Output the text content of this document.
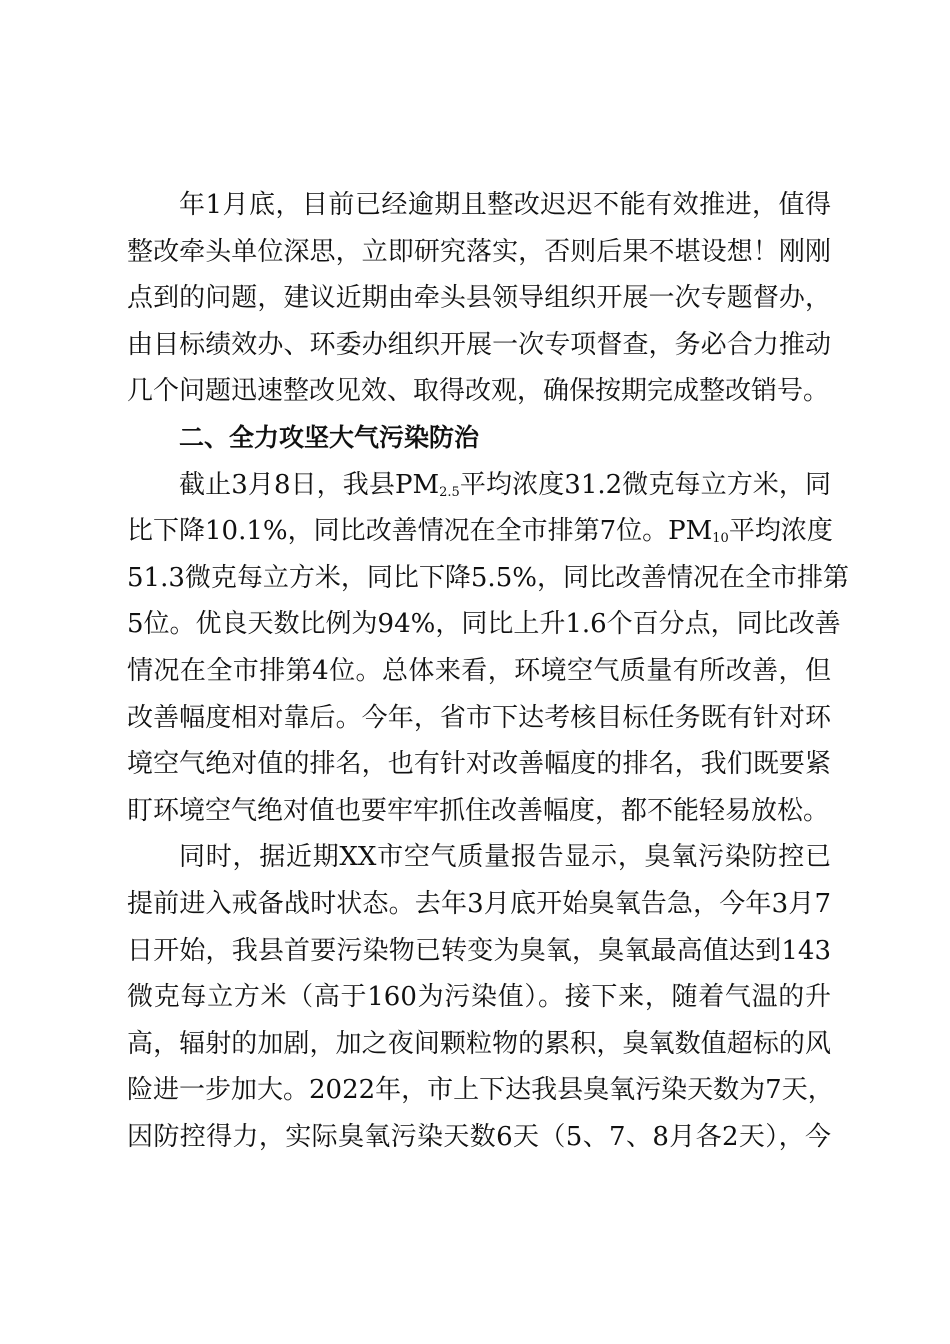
年1月底，目前已经逾期且整改迟迟不能有效推进，值得
整改牵头单位深思，立即研究落实，否则后果不堪设想！刚刚
点到的问题，建议近期由牵头县领导组织开展一次专题督办，
由目标绩效办、环委办组织开展一次专项督查，务必合力推动
几个问题迅速整改见效、取得改观，确保按期完成整改销号。
二、全力攻坚大气污染防治
截止3月8日，我县$PM_{2.5}$平均浓度31.2微克每立方米，同
比下降10.1%，同比改善情况在全市排第7位。$PM_{10}$平均浓度
51.3微克每立方米，同比下降5.5%，同比改善情况在全市排第
5位。优良天数比例为94%，同比上升1.6个百分点，同比改善
情况在全市排第4位。总体来看，环境空气质量有所改善，但
改善幅度相对靠后。今年，省市下达考核目标任务既有针对环
境空气绝对值的排名，也有针对改善幅度的排名，我们既要紧
盯环境空气绝对值也要牢牢抓住改善幅度，都不能轻易放松。
同时，据近期XX市空气质量报告显示，臭氧污染防控已
提前进入戒备战时状态。去年3月底开始臭氧告急，今年3月7
日开始，我县首要污染物已转变为臭氧，臭氧最高值达到143
微克每立方米（高于160为污染值）。接下来，随着气温的升
高，辐射的加剧，加之夜间颗粒物的累积，臭氧数值超标的风
险进一步加大。2022年，市上下达我县臭氧污染天数为7天，
因防控得力，实际臭氧污染天数6天（5、7、8月各2天），今
